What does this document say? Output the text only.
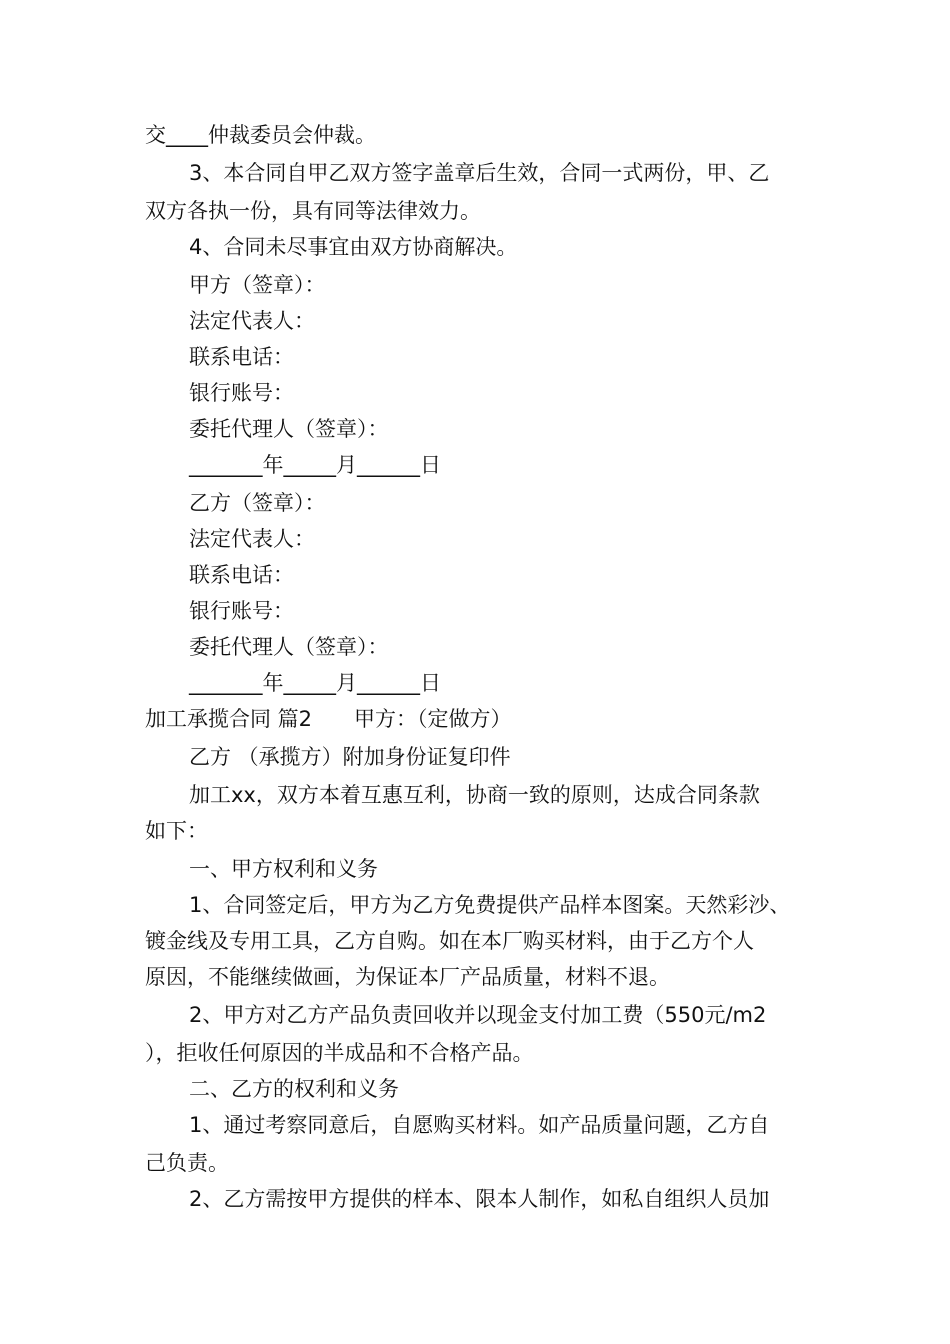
交____仲裁委员会仲裁。

3、本合同自甲乙双方签字盖章后生效，合同一式两份，甲、乙

双方各执一份，具有同等法律效力。

4、合同未尽事宜由双方协商解决。

甲方（签章）：

法定代表人：

联系电话：

银行账号：

委托代理人（签章）：

_______年_____月______日

乙方（签章）：

法定代表人：

联系电话：

银行账号：

委托代理人（签章）：

_______年_____月______日

加工承揽合同 篇2　　甲方：（定做方）

乙方 （承揽方）附加身份证复印件

加工xx，双方本着互惠互利，协商一致的原则，达成合同条款

如下：

一、甲方权利和义务

1、合同签定后，甲方为乙方免费提供产品样本图案。天然彩沙、

镀金线及专用工具，乙方自购。如在本厂购买材料，由于乙方个人

原因，不能继续做画，为保证本厂产品质量，材料不退。

2、甲方对乙方产品负责回收并以现金支付加工费（550元/m2

），拒收任何原因的半成品和不合格产品。

二、乙方的权利和义务

1、通过考察同意后，自愿购买材料。如产品质量问题，乙方自

己负责。

2、乙方需按甲方提供的样本、限本人制作，如私自组织人员加
